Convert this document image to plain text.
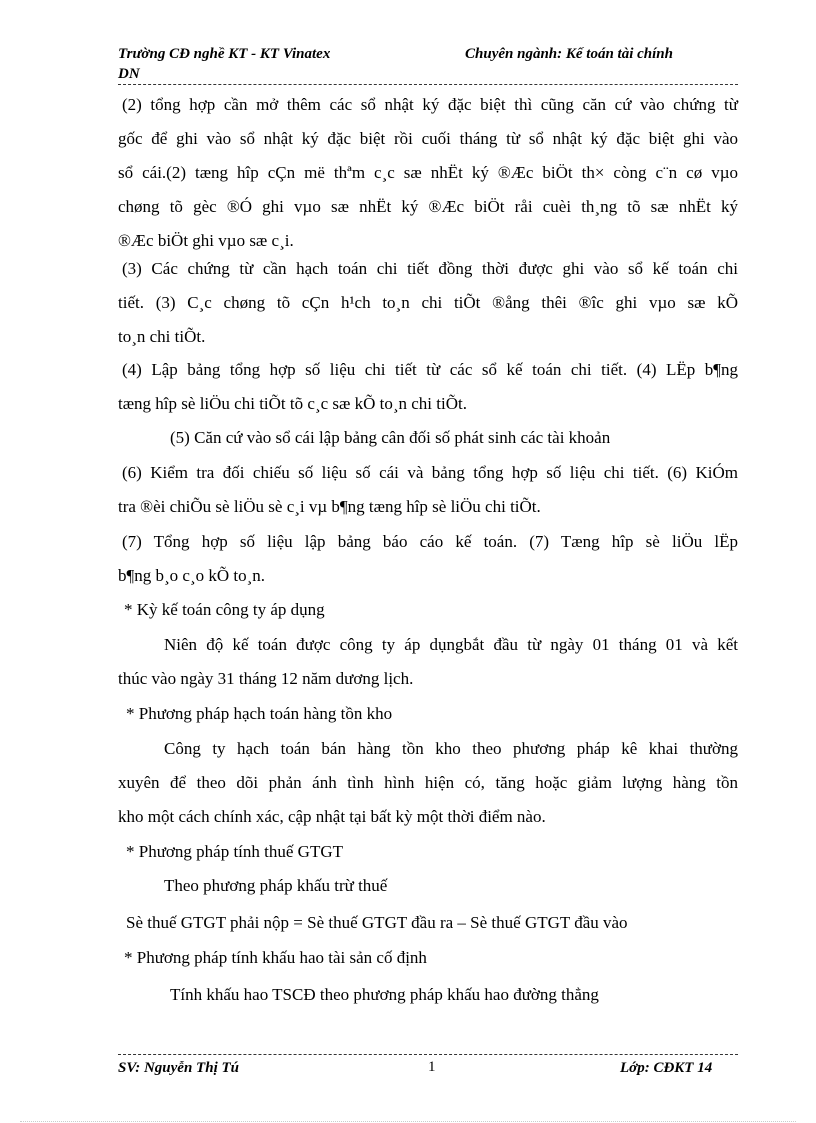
Trường CĐ nghề KT - KT Vinatex
DN
Chuyên ngành: Kế toán tài chính
(2) tổng hợp cần mở thêm các sổ nhật ký đặc biệt thì cũng căn cứ vào chứng từ
gốc để ghi vào sổ nhật ký đặc biệt rồi cuối tháng từ sổ nhật ký đặc biệt ghi vào
sổ cái.(2) tæng hîp cÇn më thªm c¸c sæ nhËt ký ®Æc biÖt th× còng c¨n cø vµo
chøng tõ gèc ®Ó ghi vµo sæ nhËt ký ®Æc biÖt råi cuèi th¸ng tõ sæ nhËt ký
®Æc biÖt ghi vµo sæ c¸i.
(3) Các chứng từ cần hạch toán chi tiết đồng thời được ghi vào sổ kế toán chi
tiết. (3) C¸c chøng tõ cÇn h¹ch to¸n chi tiÕt ®ång thêi ®îc ghi vµo sæ kÕ
to¸n chi tiÕt.
(4) Lập bảng tổng hợp số liệu chi tiết từ các sổ kế toán chi tiết. (4) LËp b¶ng
tæng hîp sè liÖu chi tiÕt tõ c¸c sæ kÕ to¸n chi tiÕt.
(5) Căn cứ vào sổ cái lập bảng cân đối số phát sinh các tài khoản
(6) Kiểm tra đối chiếu số liệu số cái và bảng tổng hợp số liệu chi tiết. (6) KiÓm
tra ®èi chiÕu sè liÖu sè c¸i vµ b¶ng tæng hîp sè liÖu chi tiÕt.
(7) Tổng hợp số liệu lập bảng báo cáo kế toán. (7) Tæng hîp sè liÖu lËp
b¶ng b¸o c¸o kÕ to¸n.
* Kỳ kế toán công ty áp dụng
Niên độ kế toán được công ty áp dụngbắt đầu từ ngày 01 tháng 01 và kết
thúc vào ngày 31 tháng 12 năm dương lịch.
* Phương pháp hạch toán hàng tồn kho
Công ty hạch toán bán hàng tồn kho theo phương pháp kê khai thường
xuyên để theo dõi phản ánh tình hình hiện có, tăng hoặc giảm lượng hàng tồn
kho một cách chính xác, cập nhật tại bất kỳ một thời điểm nào.
* Phương pháp tính thuế GTGT
Theo phương pháp khấu trừ thuế
Sè thuế GTGT phải nộp = Sè thuế GTGT đầu ra – Sè thuế GTGT đầu vào
* Phương pháp tính khấu hao tài sản cố định
Tính khấu hao TSCĐ theo phương pháp khấu hao đường thẳng
SV: Nguyễn Thị Tú	1	Lớp: CĐKT 14
